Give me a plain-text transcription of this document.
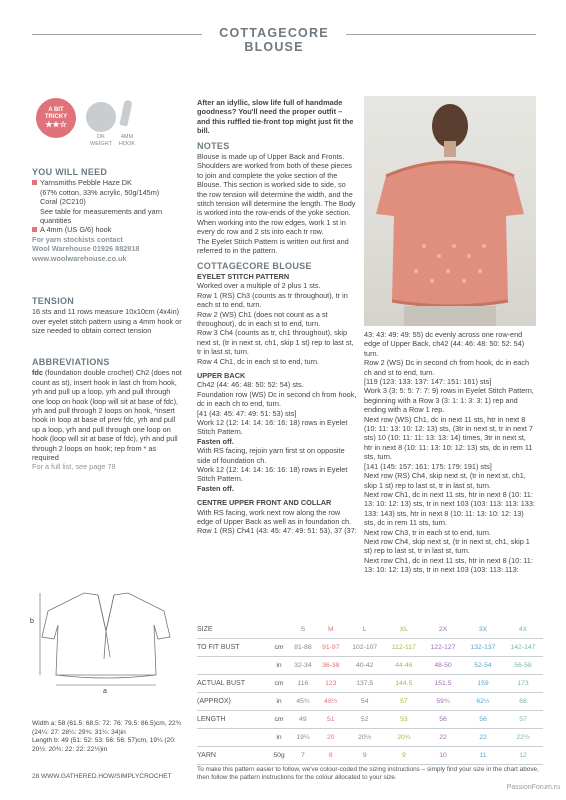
COTTAGECORE BLOUSE
A BIT
TRICKY
★★☆
DK
WEIGHT
4MM
HOOK
YOU WILL NEED
Yarnsmiths Pebble Haze DK
(67% cotton, 33% acrylic, 50g/145m)
Coral (2C210)
See table for measurements and yarn quantities
A 4mm (US G/6) hook
For yarn stockists contact
Wool Warehouse 01926 882818
www.woolwarehouse.co.uk
TENSION
16 sts and 11 rows measure 10x10cm (4x4in) over eyelet stitch pattern using a 4mm hook or size needed to obtain correct tension
ABBREVIATIONS
fdc (foundation double crochet) Ch2 (does not count as st), insert hook in last ch from hook, yrh and pull up a loop, yrh and pull through one loop on hook (loop will sit at base of fdc), yrh and pull through 2 loops on hook, *insert hook in loop at base of prev fdc, yrh and pull up a loop, yrh and pull through one loop on hook (loop will sit at base of fdc), yrh and pull through 2 loops on hook; rep from * as required
For a full list, see page 78
b
a
Width a: 58 (61.5: 68.5: 72: 76: 79.5: 86.5)cm, 22¾ (24¼: 27: 28¼: 29¾: 31¼: 34)in
Length b: 49 (51: 52: 53: 56: 56: 57)cm, 19¼ (20: 20½: 20¾: 22: 22: 22½)in
28 WWW.GATHERED.HOW/SIMPLYCROCHET
After an idyllic, slow life full of handmade goodness? You'll need the proper outfit – and this ruffled tie-front top might just fit the bill.
NOTES
Blouse is made up of Upper Back and Fronts. Shoulders are worked from both of these pieces to join and complete the yoke section of the Blouse. This section is worked side to side, so the row tension will determine the width, and the stitch tension will determine the length. The Body is worked into the row-ends of the yoke section. When working into the row edges, work 1 st in every dc row and 2 sts into each tr row.
The Eyelet Stitch Pattern is written out first and referred to in the pattern.
COTTAGECORE BLOUSE
EYELET STITCH PATTERN
Worked over a multiple of 2 plus 1 sts.
Row 1 (RS) Ch3 (counts as tr throughout), tr in each st to end, turn.
Row 2 (WS) Ch1 (does not count as a st throughout), dc in each st to end, turn.
Row 3 Ch4 (counts as tr, ch1 throughout), skip next st, (tr in next st, ch1, skip 1 st) rep to last st, tr in last st, turn.
Row 4 Ch1, dc in each st to end, turn.
UPPER BACK
Ch42 (44: 46: 48: 50: 52: 54) sts.
Foundation row (WS) Dc in second ch from hook, dc in each ch to end, turn.
[41 (43: 45: 47: 49: 51: 53) sts]
Work 12 (12: 14: 14: 16: 16: 18) rows in Eyelet Stitch Pattern.
Fasten off.
With RS facing, rejoin yarn first st on opposite side of foundation ch.
Work 12 (12: 14: 14: 16: 16: 18) rows in Eyelet Stitch Pattern.
Fasten off.
CENTRE UPPER FRONT AND COLLAR
With RS facing, work next row along the row edge of Upper Back as well as in foundation ch.
Row 1 (RS) Ch41 (43: 45: 47: 49: 51: 53), 37 (37:
43: 43: 49: 49: 55) dc evenly across one row-end edge of Upper Back, ch42 (44: 46: 48: 50: 52: 54) turn.
Row 2 (WS) Dc in second ch from hook, dc in each ch and st to end, turn.
[119 (123: 133: 137: 147: 151: 161) sts]
Work 3 (3: 5: 5: 7: 7: 9) rows in Eyelet Stitch Pattern, beginning with a Row 3 (3: 1: 1: 3: 3: 1) rep and ending with a Row 1 rep.
Next row (WS) Ch1, dc in next 11 sts, htr in next 8 (10: 11: 13: 10: 12: 13) sts, (3tr in next st, tr in next 7 sts) 10 (10: 11: 11: 13: 13: 14) times, 3tr in next st, htr in next 8 (10: 11: 13: 10: 12: 13) sts, dc in rem 11 sts, turn.
[141 (145: 157: 161: 175: 179: 191) sts]
Next row (RS) Ch4, skip next st, (tr in next st, ch1, skip 1 st) rep to last st, tr in last st, turn.
Next row Ch1, dc in next 11 sts, htr in next 8 (10: 11: 13: 10: 12: 13) sts, tr in next 103 (103: 113: 113: 133: 133: 143) sts, htr in next 8 (10: 11: 13: 10: 12: 13) sts, dc in rem 11 sts, turn.
Next row Ch3, tr in each st to end, turn.
Next row Ch4, skip next st, (tr in next st, ch1, skip 1 st) rep to last st, tr in last st, turn.
Next row Ch1, dc in next 11 sts, htr in next 8 (10: 11: 13: 10: 12: 13) sts, tr in next 103 (103: 113: 113:
SIZE		S	M	L	XL	2X	3X	4X
TO FIT BUST	cm	81-86	91-97	102-107	112-117	122-127	132-137	142-147
	in	32-34	36-38	40-42	44-46	48-50	52-54	56-58
ACTUAL BUST	cm	116	123	137.5	144.5	151.5	159	173
(APPROX)	in	45¾	48½	54	57	59¾	62½	68
LENGTH	cm	49	51	52	53	56	56	57
	in	19¼	20	20½	20¾	22	22	22½
YARN	50g	7	8	9	9	10	11	12
To make this pattern easier to follow, we've colour-coded the sizing instructions – simply find your size in the chart above, then follow the pattern instructions for the colour allocated to your size.
PassionForum.ru
